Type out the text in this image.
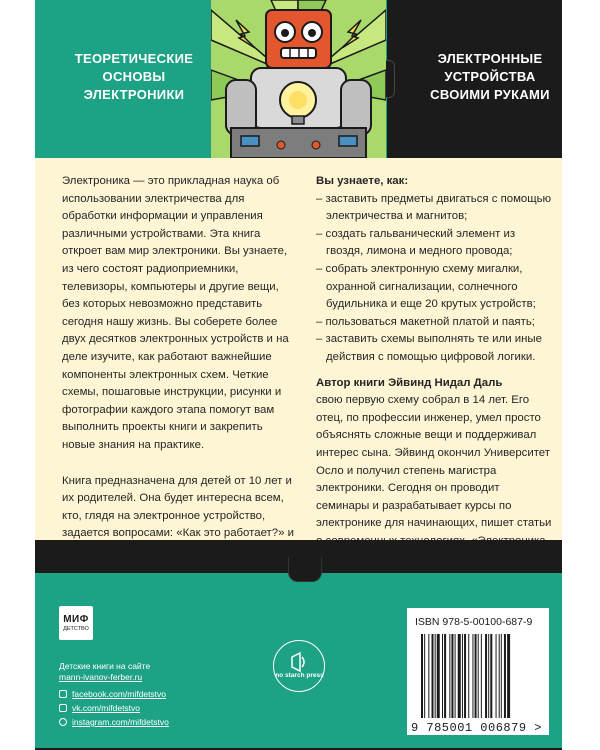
ТЕОРЕТИЧЕСКИЕ ОСНОВЫ ЭЛЕКТРОНИКИ
ЭЛЕКТРОННЫЕ УСТРОЙСТВА СВОИМИ РУКАМИ

Электроника — это прикладная наука об использовании электричества для обработки информации и управления различными устройствами. Эта книга откроет вам мир электроники. Вы узнаете, из чего состоят радиоприемники, телевизоры, компьютеры и другие вещи, без которых невозможно представить сегодня нашу жизнь. Вы соберете более двух десятков электронных устройств и на деле изучите, как работают важнейшие компоненты электронных схем. Четкие схемы, пошаговые инструкции, рисунки и фотографии каждого этапа помогут вам выполнить проекты книги и закрепить новые знания на практике.

Книга предназначена для детей от 10 лет и их родителей. Она будет интересна всем, кто, глядя на электронное устройство, задается вопросами: «Как это работает?» и

Вы узнаете, как:

– заставить предметы двигаться с помощью электричества и магнитов;
– создать гальванический элемент из гвоздя, лимона и медного провода;
– собрать электронную схему мигалки, охранной сигнализации, солнечного будильника и еще 20 крутых устройств;
– пользоваться макетной платой и паять;
– заставить схемы выполнять те или иные действия с помощью цифровой логики.

Автор книги Эйвинд Нидал Даль

свою первую схему собрал в 14 лет. Его отец, по профессии инженер, умел просто объяснять сложные вещи и поддерживал интерес сына. Эйвинд окончил Университет Осло и получил степень магистра электроники. Сегодня он проводит семинары и разрабатывает курсы по электронике для начинающих, пишет статьи

МИФ
ДЕТСТВО
Детские книги на сайте
mann-ivanov-ferber.ru
facebook.com/mifdetstvo
vk.com/mifdetstvo
instagram.com/mifdetstvo
no starch press
ISBN 978-5-00100-687-9
9 785001 006879 >
